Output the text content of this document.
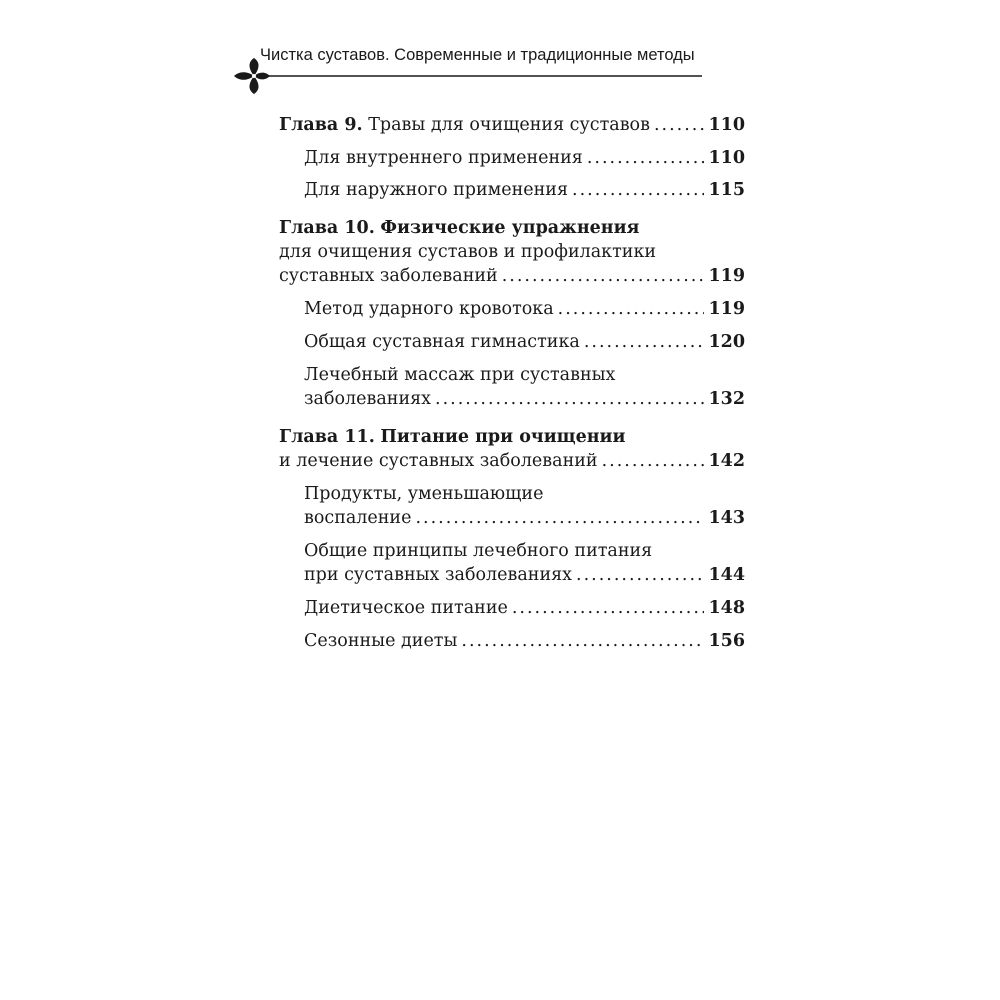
Чистка суставов. Современные и традиционные методы
Глава 9. Травы для очищения суставов .....	110
Для внутреннего применения .....	110
Для наружного применения .....	115
Глава 10. Физические упражнения
для очищения суставов и профилактики
суставных заболеваний .....	119
Метод ударного кровотока .....	119
Общая суставная гимнастика .....	120
Лечебный массаж при суставных
заболеваниях .....	132
Глава 11. Питание при очищении
и лечение суставных заболеваний .....	142
Продукты, уменьшающие
воспаление .....	143
Общие принципы лечебного питания
при суставных заболеваниях .....	144
Диетическое питание .....	148
Сезонные диеты .....	156
